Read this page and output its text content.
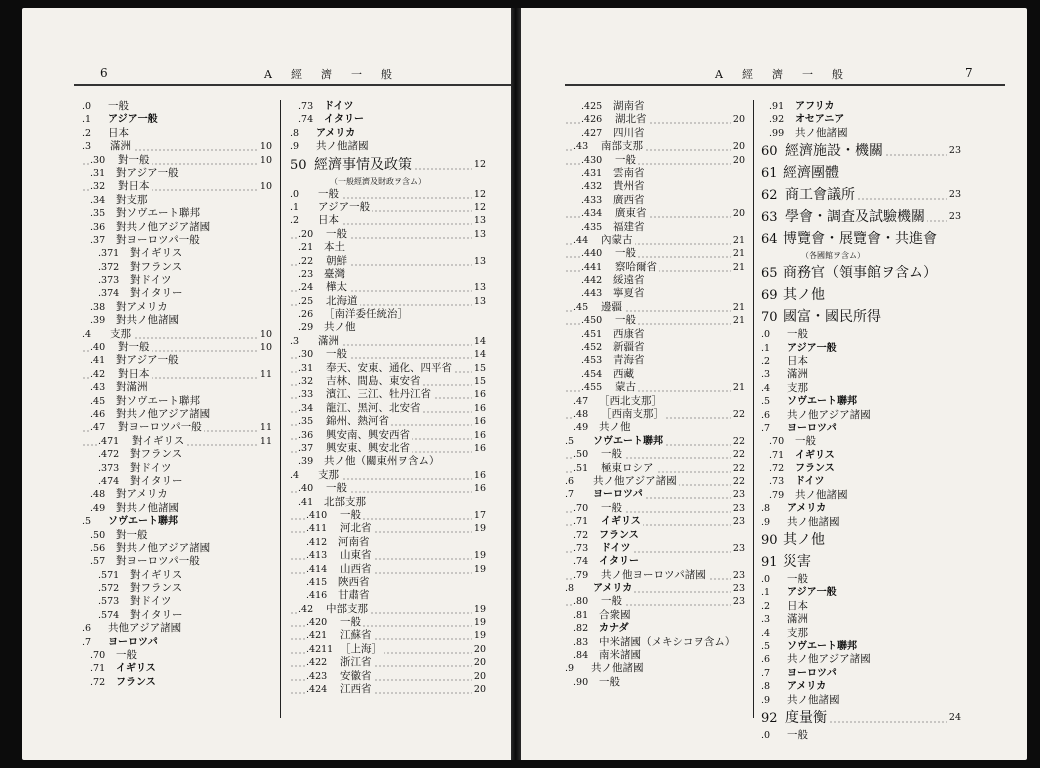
6	A　經　濟　一　般
.0 一般
.1 アジア一般
.2 日本
.3 滿洲	10
.30 對一般	10
.31 對アジア一般
.32 對日本	10
.34 對支那
.35 對ソヴエート聯邦
.36 對共ノ他アジア諸國
.37 對ヨーロツパ一般
.371 對イギリス
.372 對フランス
.373 對ドイツ
.374 對イタリー
.38 對アメリカ
.39 對共ノ他諸國
.4 支那	10
.40 對一般	10
.41 對アジア一般
.42 對日本	11
.43 對滿洲
.45 對ソヴエート聯邦
.46 對共ノ他アジア諸國
.47 對ヨーロツパ一般	11
.471 對イギリス	11
.472 對フランス
.373 對ドイツ
.474 對イタリー
.48 對アメリカ
.49 對共ノ他諸國
.5 ソヴエート聯邦
.50 對一般
.56 對共ノ他アジア諸國
.57 對ヨーロツパ一般
.571 對イギリス
.572 對フランス
.573 對ドイツ
.574 對イタリー
.6 共他アジア諸國
.7 ヨーロツパ
.70 一般
.71 イギリス
.72 フランス
.73 ドイツ
.74 イタリー
.8 アメリカ
.9 共ノ他諸國
50 經濟事情及政策	12
（一般經濟及財政ヲ含ム）
.0 一般	12
.1 アジア一般	12
.2 日本	13
.20 一般	13
.21 本土
.22 朝鮮	13
.23 臺灣
.24 樺太	13
.25 北海道	13
.26 ［南洋委任統治］
.29 共ノ他
.3 滿洲	14
.30 一般	14
.31 奉天、安東、通化、四平省 15
.32 吉林、間島、東安省	15
.33 濱江、三江、牡丹江省	16
.34 龍江、黑河、北安省	16
.35 錦州、熱河省	16
.36 興安南、興安西省	16
.37 興安東、興安北省	16
.39 共ノ他（關東州ヲ含ム）
.4 支那	16
.40 一般	16
.41 北部支那
.410 一般	17
.411 河北省	19
.412 河南省
.413 山東省	19
.414 山西省	19
.415 陜西省
.416 甘肅省
.42 中部支那	19
.420 一般	19
.421 江蘇省	19
.4211 ［上海］	20
.422 浙江省	20
.423 安徽省	20
.424 江西省	20
A　經　濟　一　般	7
.425 湖南省
.426 湖北省	20
.427 四川省
.43 南部支那	20
.430 一般	20
.431 雲南省
.432 貴州省
.433 廣西省
.434 廣東省	20
.435 福建省
.44 內蒙古	21
.440 一般	21
.441 察哈爾省	21
.442 綏遠省
.443 寧夏省
.45 邊疆	21
.450 一般	21
.451 西康省
.452 新疆省
.453 青海省
.454 西藏
.455 蒙古	21
.47 ［西北支那］
.48 ［西南支那］	22
.49 共ノ他
.5 ソヴエート聯邦	22
.50 一般	22
.51 極東ロシア	22
.6 共ノ他アジア諸國	22
.7 ヨーロツパ	23
.70 一般	23
.71 イギリス	23
.72 フランス
.73 ドイツ	23
.74 イタリー
.79 共ノ他ヨーロツパ諸國	23
.8 アメリカ	23
.80 一般	23
.81 合衆國
.82 カナダ
.83 中米諸國（メキシコヲ含ム）
.84 南米諸國
.9 共ノ他諸國
.90 一般
.91 アフリカ
.92 オセアニア
.99 共ノ他諸國
60 經濟施設・機關	23
61 經濟團體
62 商工會議所	23
63 學會・調査及試驗機關	23
64 博覽會・展覽會・共進會
（各國館ヲ含ム）
65 商務官（領事館ヲ含ム）
69 其ノ他
70 國富・國民所得
.0 一般
.1 アジア一般
.2 日本
.3 滿洲
.4 支那
.5 ソヴエート聯邦
.6 共ノ他アジア諸國
.7 ヨーロツパ
.70 一般
.71 イギリス
.72 フランス
.73 ドイツ
.79 共ノ他諸國
.8 アメリカ
.9 共ノ他諸國
90 其ノ他
91 災害
.0 一般
.1 アジア一般
.2 日本
.3 滿洲
.4 支那
.5 ソヴエート聯邦
.6 共ノ他アジア諸國
.7 ヨーロツパ
.8 アメリカ
.9 共ノ他諸國
92 度量衡	24
.0 一般
